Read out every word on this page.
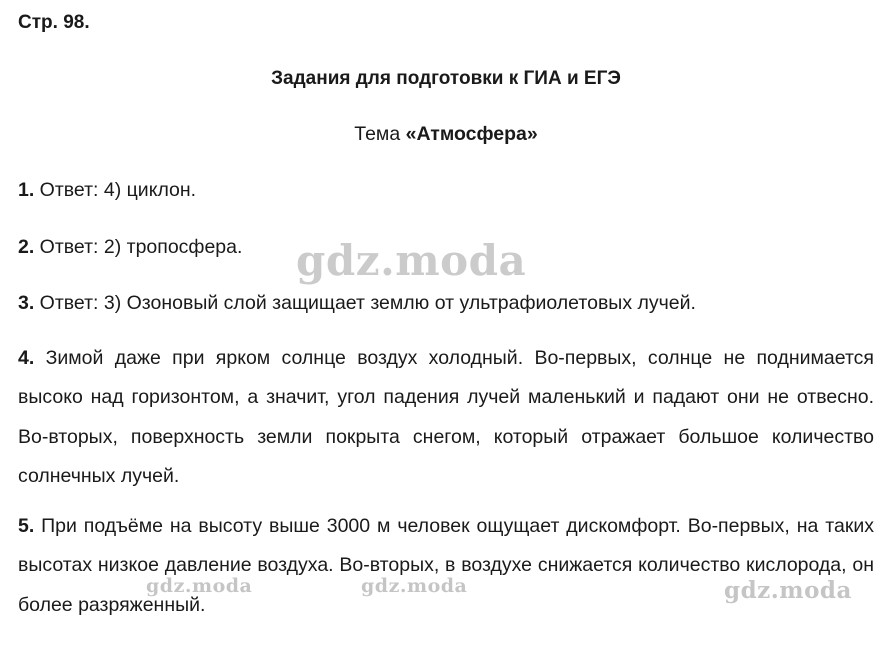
Стр. 98.
Задания для подготовки к ГИА и ЕГЭ
Тема «Атмосфера»
1. Ответ: 4) циклон.
2. Ответ: 2) тропосфера.
3. Ответ: 3) Озоновый слой защищает землю от ультрафиолетовых лучей.
4. Зимой даже при ярком солнце воздух холодный. Во-первых, солнце не поднимается высоко над горизонтом, а значит, угол падения лучей маленький и падают они не отвесно. Во-вторых, поверхность земли покрыта снегом, который отражает большое количество солнечных лучей.
5. При подъёме на высоту выше 3000 м человек ощущает дискомфорт. Во-первых, на таких высотах низкое давление воздуха. Во-вторых, в воздухе снижается количество кислорода, он более разряженный.
gdz.moda
gdz.moda	gdz.moda	gdz.moda
